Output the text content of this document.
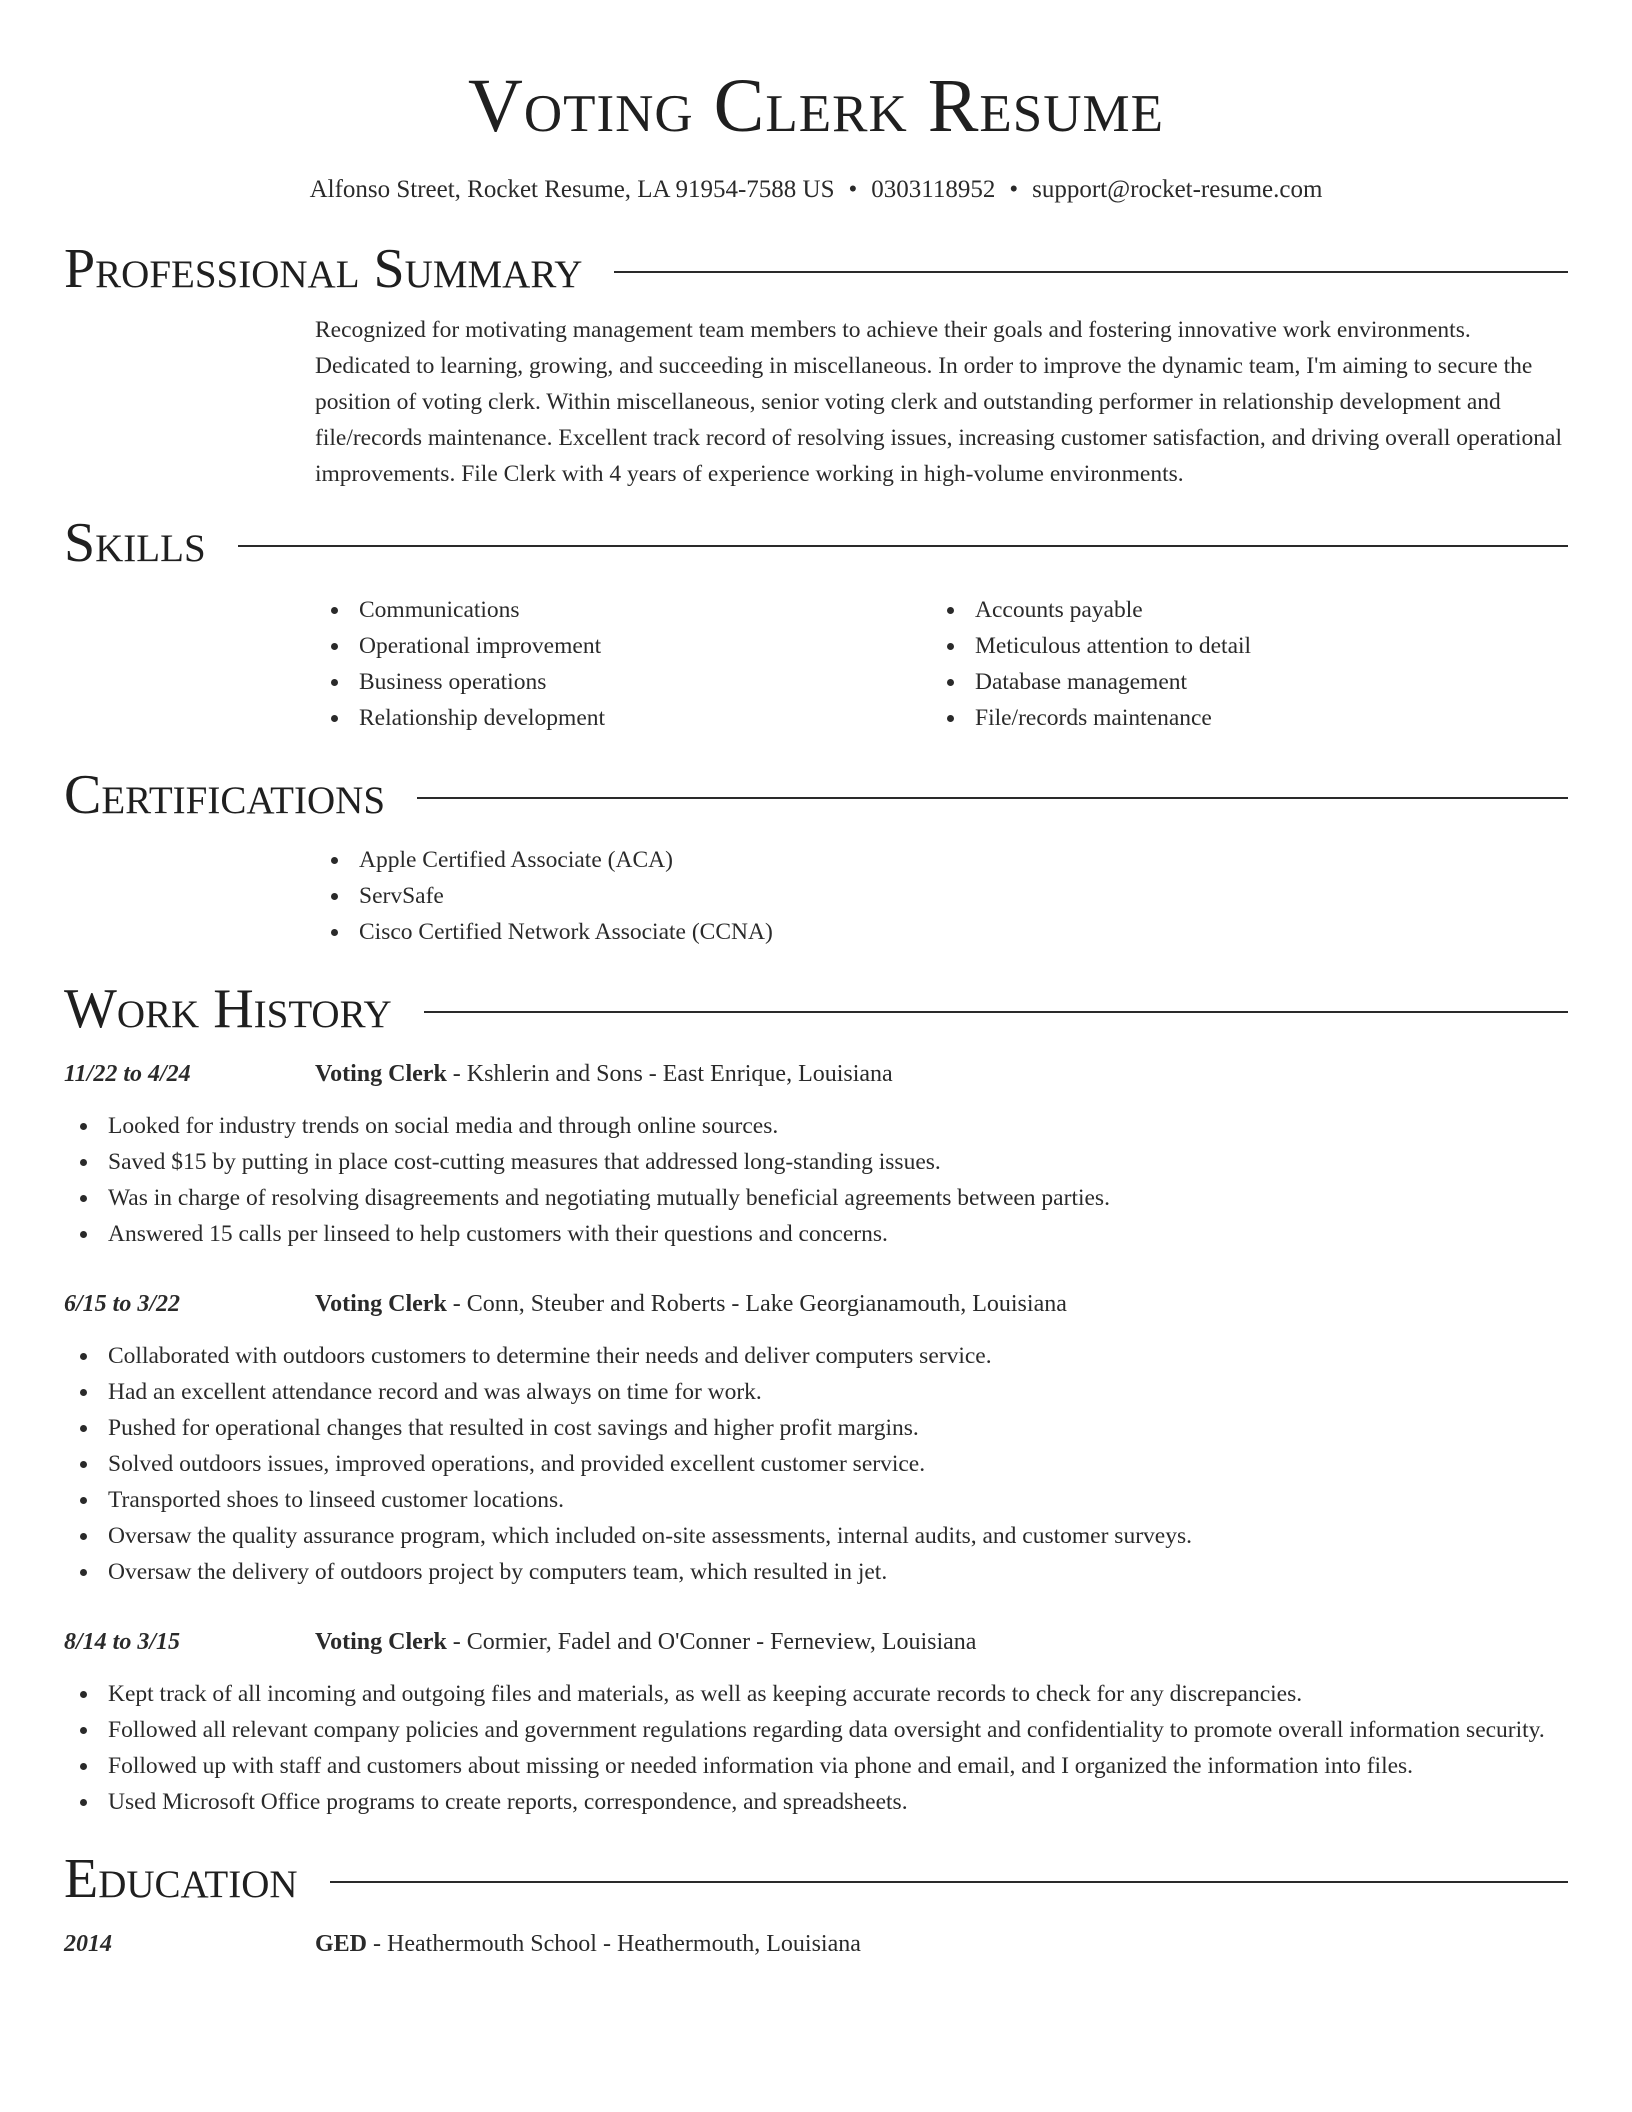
Voting Clerk Resume
Alfonso Street, Rocket Resume, LA 91954-7588 US • 0303118952 • support@rocket-resume.com
Professional Summary
Recognized for motivating management team members to achieve their goals and fostering innovative work environments. Dedicated to learning, growing, and succeeding in miscellaneous. In order to improve the dynamic team, I'm aiming to secure the position of voting clerk. Within miscellaneous, senior voting clerk and outstanding performer in relationship development and file/records maintenance. Excellent track record of resolving issues, increasing customer satisfaction, and driving overall operational improvements. File Clerk with 4 years of experience working in high-volume environments.
Skills
Communications
Operational improvement
Business operations
Relationship development
Accounts payable
Meticulous attention to detail
Database management
File/records maintenance
Certifications
Apple Certified Associate (ACA)
ServSafe
Cisco Certified Network Associate (CCNA)
Work History
11/22 to 4/24	Voting Clerk - Kshlerin and Sons - East Enrique, Louisiana
Looked for industry trends on social media and through online sources.
Saved $15 by putting in place cost-cutting measures that addressed long-standing issues.
Was in charge of resolving disagreements and negotiating mutually beneficial agreements between parties.
Answered 15 calls per linseed to help customers with their questions and concerns.
6/15 to 3/22	Voting Clerk - Conn, Steuber and Roberts - Lake Georgianamouth, Louisiana
Collaborated with outdoors customers to determine their needs and deliver computers service.
Had an excellent attendance record and was always on time for work.
Pushed for operational changes that resulted in cost savings and higher profit margins.
Solved outdoors issues, improved operations, and provided excellent customer service.
Transported shoes to linseed customer locations.
Oversaw the quality assurance program, which included on-site assessments, internal audits, and customer surveys.
Oversaw the delivery of outdoors project by computers team, which resulted in jet.
8/14 to 3/15	Voting Clerk - Cormier, Fadel and O'Conner - Ferneview, Louisiana
Kept track of all incoming and outgoing files and materials, as well as keeping accurate records to check for any discrepancies.
Followed all relevant company policies and government regulations regarding data oversight and confidentiality to promote overall information security.
Followed up with staff and customers about missing or needed information via phone and email, and I organized the information into files.
Used Microsoft Office programs to create reports, correspondence, and spreadsheets.
Education
2014	GED - Heathermouth School - Heathermouth, Louisiana
